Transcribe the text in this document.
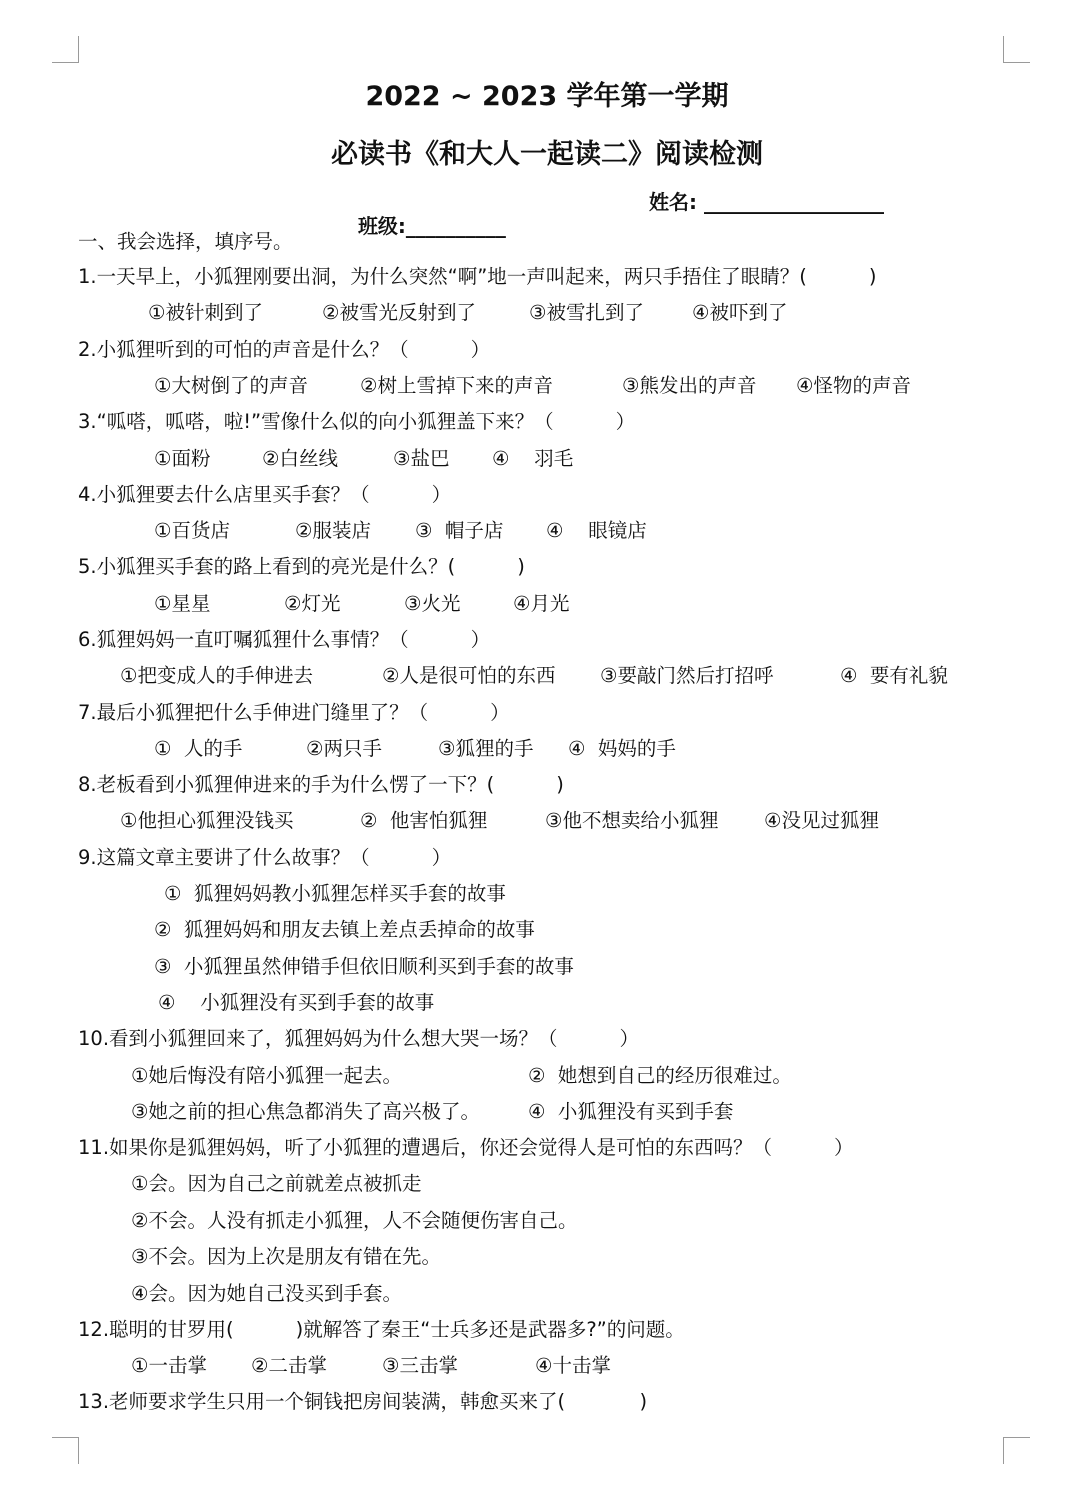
2022 ~ 2023 学年第一学期
必读书《和大人一起读二》阅读检测

班级:__________

姓名: __________________

一、我会选择，填序号。
1.一天早上，小狐狸刚要出洞，为什么突然“啊”地一声叫起来，两只手捂住了眼睛？(          )
①被针刺到了	②被雪光反射到了	③被雪扎到了 ④被吓到了
2.小狐狸听到的可怕的声音是什么？（          ）
①大树倒了的声音	②树上雪掉下来的声音	③熊发出的声音 ④怪物的声音
3.“呱嗒，呱嗒，啦!”雪像什么似的向小狐狸盖下来？（          ）
①面粉	②白丝线	③盐巴 ④    羽毛
4.小狐狸要去什么店里买手套？（          ）
①百货店	②服装店 ③  帽子店 ④    眼镜店
5.小狐狸买手套的路上看到的亮光是什么？(          )
①星星	②灯光	③火光	④月光
6.狐狸妈妈一直叮嘱狐狸什么事情？（          ）
①把变成人的手伸进去	②人是很可怕的东西 ③要敲门然后打招呼	④  要有礼貌
7.最后小狐狸把什么手伸进门缝里了？（          ）
①  人的手	②两只手	③狐狸的手 ④  妈妈的手
8.老板看到小狐狸伸进来的手为什么愣了一下？(          )
①他担心狐狸没钱买	②  他害怕狐狸	③他不想卖给小狐狸 ④没见过狐狸
9.这篇文章主要讲了什么故事？（          ）
①  狐狸妈妈教小狐狸怎样买手套的故事
②  狐狸妈妈和朋友去镇上差点丢掉命的故事
③  小狐狸虽然伸错手但依旧顺利买到手套的故事
④    小狐狸没有买到手套的故事
10.看到小狐狸回来了，狐狸妈妈为什么想大哭一场？（          ）
①她后悔没有陪小狐狸一起去。	②  她想到自己的经历很难过。
③她之前的担心焦急都消失了高兴极了。 ④  小狐狸没有买到手套
11.如果你是狐狸妈妈，听了小狐狸的遭遇后，你还会觉得人是可怕的东西吗？（          ）
①会。因为自己之前就差点被抓走
②不会。人没有抓走小狐狸，人不会随便伤害自己。
③不会。因为上次是朋友有错在先。
④会。因为她自己没买到手套。
12.聪明的甘罗用(          )就解答了秦王“士兵多还是武器多?”的问题。
①一击掌 ②二击掌	③三击掌	④十击掌
13.老师要求学生只用一个铜钱把房间装满，韩愈买来了(            )
